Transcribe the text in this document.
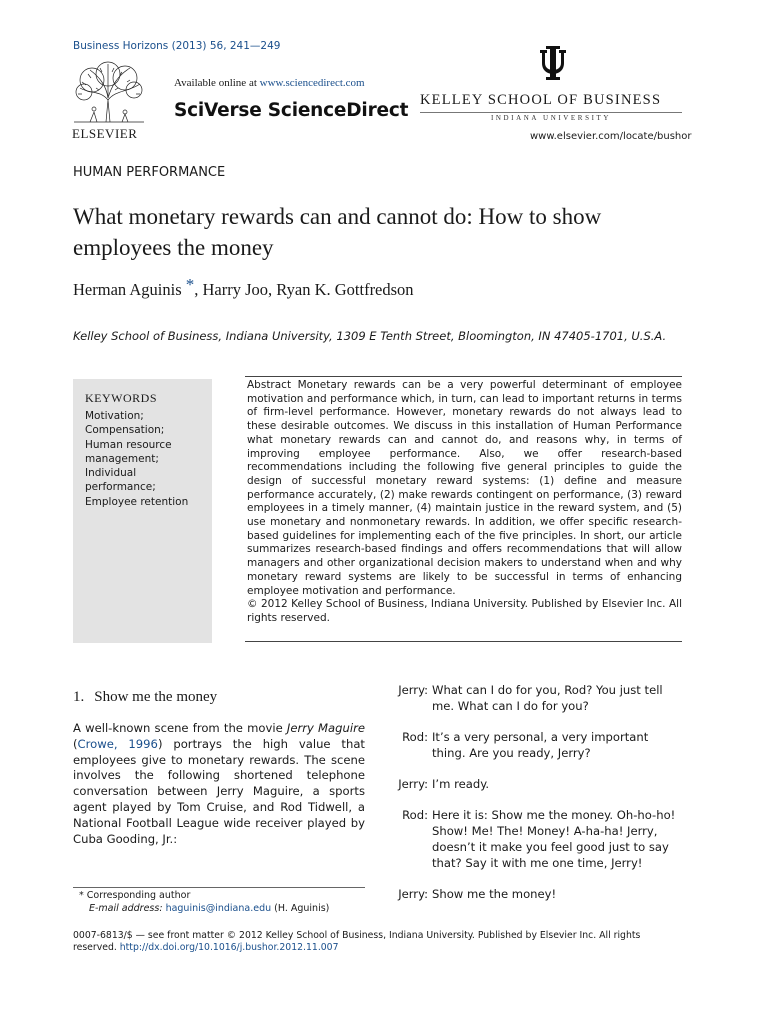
Business Horizons (2013) 56, 241—249
ELSEVIER
Available online at www.sciencedirect.com
SciVerse ScienceDirect KELLEY SCHOOL OF BUSINESS
INDIANA UNIVERSITY
www.elsevier.com/locate/bushor
HUMAN PERFORMANCE
What monetary rewards can and cannot do: How to show employees the money
Herman Aguinis *, Harry Joo, Ryan K. Gottfredson
Kelley School of Business, Indiana University, 1309 E Tenth Street, Bloomington, IN 47405-1701, U.S.A.
KEYWORDS
Motivation;
Compensation;
Human resource
management;
Individual
performance;
Employee retention

Abstract Monetary rewards can be a very powerful determinant of employee motivation and performance which, in turn, can lead to important returns in terms of firm-level performance. However, monetary rewards do not always lead to these desirable outcomes. We discuss in this installation of Human Performance what monetary rewards can and cannot do, and reasons why, in terms of improving employee performance. Also, we offer research-based recommendations including the following five general principles to guide the design of successful monetary reward systems: (1) define and measure performance accurately, (2) make rewards contingent on performance, (3) reward employees in a timely manner, (4) maintain justice in the reward system, and (5) use monetary and nonmonetary rewards. In addition, we offer specific research-based guidelines for implementing each of the five principles. In short, our article summarizes research-based findings and offers recommendations that will allow managers and other organizational decision makers to understand when and why monetary reward systems are likely to be successful in terms of enhancing employee motivation and performance.

© 2012 Kelley School of Business, Indiana University. Published by Elsevier Inc. All rights reserved.

1. Show me the money
A well-known scene from the movie Jerry Maguire (Crowe, 1996) portrays the high value that employees give to monetary rewards. The scene involves the following shortened telephone conversation between Jerry Maguire, a sports agent played by Tom Cruise, and Rod Tidwell, a National Football League wide receiver played by Cuba Gooding, Jr.:
Jerry: What can I do for you, Rod? You just tell me. What can I do for you?
Rod: It’s a very personal, a very important thing. Are you ready, Jerry?
Jerry: I’m ready.
Rod: Here it is: Show me the money. Oh-ho-ho! Show! Me! The! Money! A-ha-ha! Jerry, doesn’t it make you feel good just to say that? Say it with me one time, Jerry!
Jerry: Show me the money!
* Corresponding author
E-mail address: haguinis@indiana.edu (H. Aguinis)
0007-6813/$ — see front matter © 2012 Kelley School of Business, Indiana University. Published by Elsevier Inc. All rights
reserved. http://dx.doi.org/10.1016/j.bushor.2012.11.007
